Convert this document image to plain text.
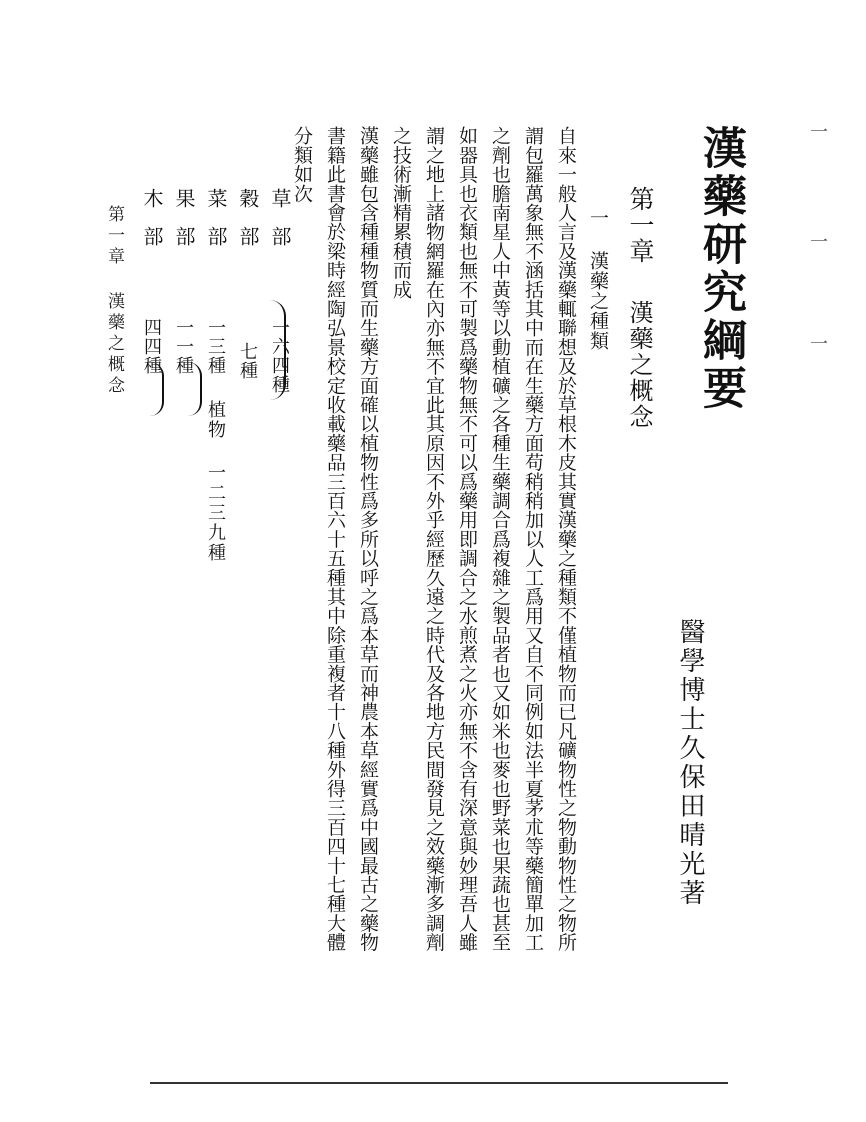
一
一
一
漢藥研究綱要
醫學博士久保田晴光著
第一章
漢藥之概念
一 漢藥之種類
自來一般人言及漢藥輒聯想及於草根木皮其實漢藥之種類不僅植物而已凡礦物性之物動物性之物所
謂包羅萬象無不涵括其中而在生藥方面苟稍稍加以人工爲用又自不同例如法半夏茅朮等藥簡單加工
之劑也膽南星人中黃等以動植礦之各種生藥調合爲複雜之製品者也又如米也麥也野菜也果蔬也甚至
如器具也衣類也無不可製爲藥物無不可以爲藥用即調合之水煎煮之火亦無不含有深意與妙理吾人雖
謂之地上諸物網羅在內亦無不宜此其原因不外乎經歷久遠之時代及各地方民間發見之效藥漸多調劑
之技術漸精累積而成
漢藥雖包含種種物質而生藥方面確以植物性爲多所以呼之爲本草而神農本草經實爲中國最古之藥物
書籍此書會於梁時經陶弘景校定收載藥品三百六十五種其中除重複者十八種外得三百四十七種大體
分類如次
草部
一六四種
穀部
七種
菜部
一三種
果部
一一種
木部
四四種
植物 一二三九種
第一章 漢藥之概念
